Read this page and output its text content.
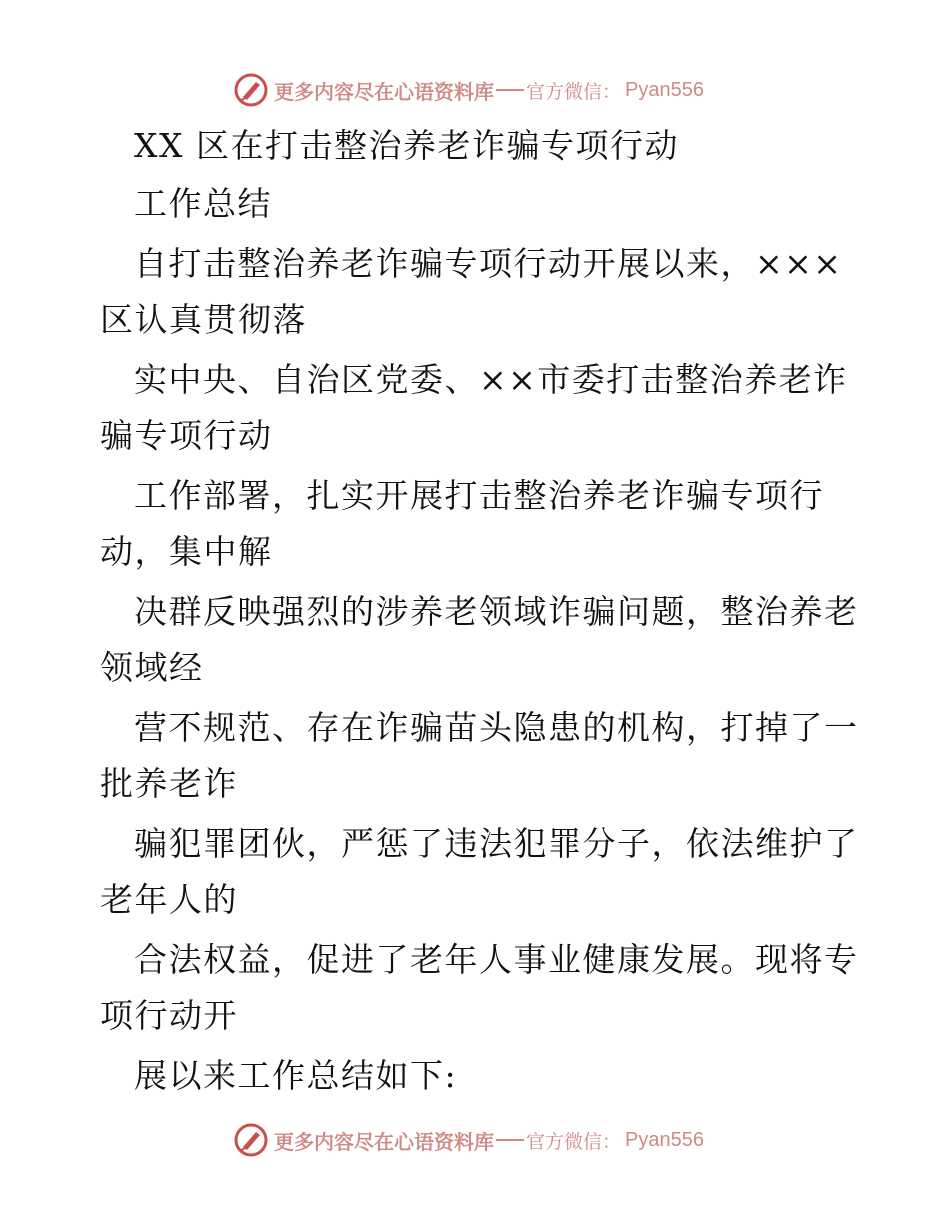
更多内容尽在心语资料库 官方微信： Pyan556
XX 区在打击整治养老诈骗专项行动
工作总结
自打击整治养老诈骗专项行动开展以来，×××
区认真贯彻落
实中央、自治区党委、××市委打击整治养老诈
骗专项行动
工作部署，扎实开展打击整治养老诈骗专项行
动，集中解
决群反映强烈的涉养老领域诈骗问题，整治养老
领域经
营不规范、存在诈骗苗头隐患的机构，打掉了一
批养老诈
骗犯罪团伙，严惩了违法犯罪分子，依法维护了
老年人的
合法权益，促进了老年人事业健康发展。现将专
项行动开
展以来工作总结如下:
更多内容尽在心语资料库 官方微信： Pyan556
